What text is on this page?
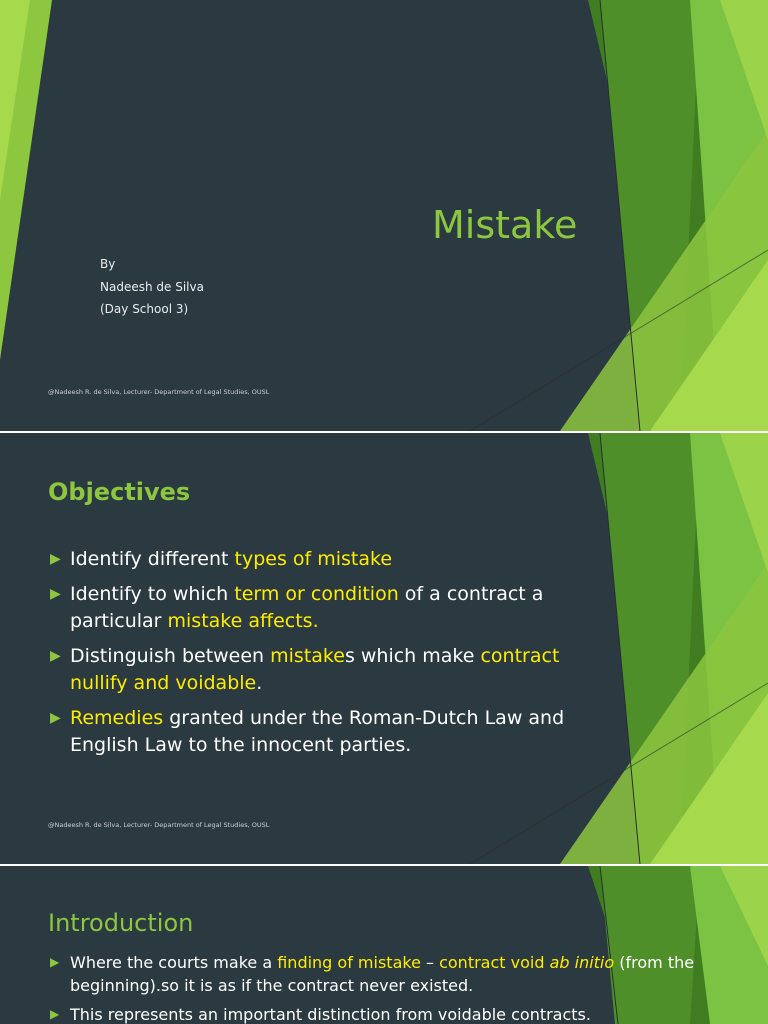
Mistake
By
Nadeesh de Silva
(Day School 3)
@Nadeesh R. de Silva, Lecturer- Department of Legal Studies, OUSL
Objectives
▶ Identify different types of mistake
▶ Identify to which term or condition of a contract a particular mistake affects.
▶ Distinguish between mistakes which make contract nullify and voidable.
▶ Remedies granted under the Roman-Dutch Law and English Law to the innocent parties.
@Nadeesh R. de Silva, Lecturer- Department of Legal Studies, OUSL
Introduction
▶ Where the courts make a finding of mistake – contract void ab initio (from the beginning).so it is as if the contract never existed.
▶ This represents an important distinction from voidable contracts.
